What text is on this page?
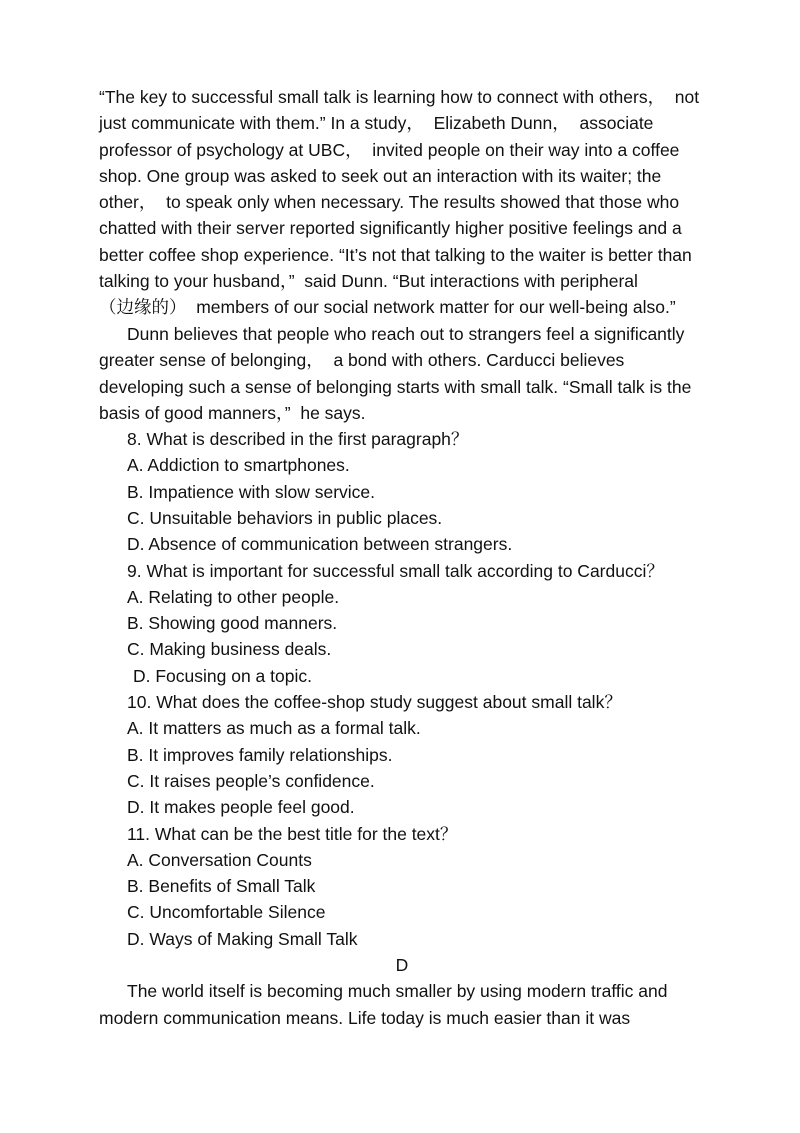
“The key to successful small talk is learning how to connect with others，  not
just communicate with them.” In a study，  Elizabeth Dunn，  associate
professor of psychology at UBC，  invited people on their way into a coffee
shop. One group was asked to seek out an interaction with its waiter; the
other，  to speak only when necessary. The results showed that those who
chatted with their server reported significantly higher positive feelings and a
better coffee shop experience. “It’s not that talking to the waiter is better than
talking to your husband，”  said Dunn. “But interactions with peripheral
（边缘的）  members of our social network matter for our well-being also.”
Dunn believes that people who reach out to strangers feel a significantly
greater sense of belonging，  a bond with others. Carducci believes
developing such a sense of belonging starts with small talk. “Small talk is the
basis of good manners，”  he says.
8. What is described in the first paragraph？
A. Addiction to smartphones.
B. Impatience with slow service.
C. Unsuitable behaviors in public places.
D. Absence of communication between strangers.
9. What is important for successful small talk according to Carducci？
A. Relating to other people.
B. Showing good manners.
C. Making business deals.
D. Focusing on a topic.
10. What does the coffee-shop study suggest about small talk？
A. It matters as much as a formal talk.
B. It improves family relationships.
C. It raises people’s confidence.
D. It makes people feel good.
11. What can be the best title for the text？
A. Conversation Counts
B. Benefits of Small Talk
C. Uncomfortable Silence
D. Ways of Making Small Talk
D
The world itself is becoming much smaller by using modern traffic and
modern communication means. Life today is much easier than it was
